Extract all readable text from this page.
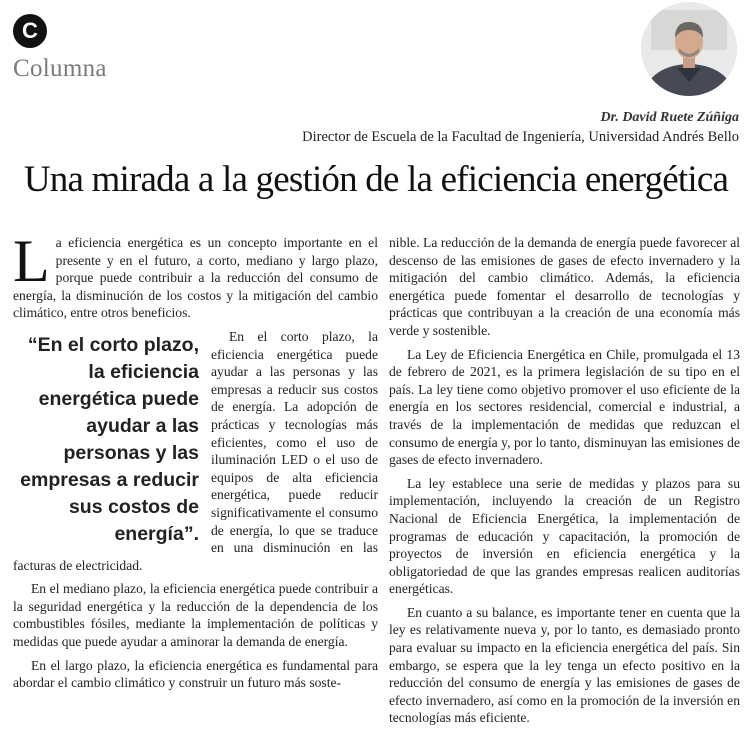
C
Columna
Dr. David Ruete Zúñiga
Director de Escuela de la Facultad de Ingeniería, Universidad Andrés Bello
Una mirada a la gestión de la eficiencia energética

La eficiencia energética es un concepto importante en el presente y en el futuro, a corto, mediano y largo plazo, porque puede contribuir a la reducción del consumo de energía, la disminución de los costos y la mitigación del cambio climático, entre otros beneficios.

“ En el corto plazo, la eficiencia energética puede ayudar a las personas y las empresas a reducir sus costos de energía ”.

En el corto plazo, la eficiencia energética puede ayudar a las personas y las empresas a reducir sus costos de energía. La adopción de prácticas y tecnologías más eficientes, como el uso de iluminación LED o el uso de equipos de alta eficiencia energética, puede reducir significativamente el consumo de energía, lo que se traduce en una disminución en las facturas de electricidad.

En el mediano plazo, la eficiencia energética puede contribuir a la seguridad energética y la reducción de la dependencia de los combustibles fósiles, mediante la implementación de políticas y medidas que puede ayudar a aminorar la demanda de energía.

En el largo plazo, la eficiencia energética es fundamental para abordar el cambio climático y construir un futuro más soste-

nible. La reducción de la demanda de energía puede favorecer al descenso de las emisiones de gases de efecto invernadero y la mitigación del cambio climático. Además, la eficiencia energética puede fomentar el desarrollo de tecnologías y prácticas que contribuyan a la creación de una economía más verde y sostenible.

La Ley de Eficiencia Energética en Chile, promulgada el 13 de febrero de 2021, es la primera legislación de su tipo en el país. La ley tiene como objetivo promover el uso eficiente de la energía en los sectores residencial, comercial e industrial, a través de la implementación de medidas que reduzcan el consumo de energía y, por lo tanto, disminuyan las emisiones de gases de efecto invernadero.

La ley establece una serie de medidas y plazos para su implementación, incluyendo la creación de un Registro Nacional de Eficiencia Energética, la implementación de programas de educación y capacitación, la promoción de proyectos de inversión en eficiencia energética y la obligatoriedad de que las grandes empresas realicen auditorías energéticas.

En cuanto a su balance, es importante tener en cuenta que la ley es relativamente nueva y, por lo tanto, es demasiado pronto para evaluar su impacto en la eficiencia energética del país. Sin embargo, se espera que la ley tenga un efecto positivo en la reducción del consumo de energía y las emisiones de gases de efecto invernadero, así como en la promoción de la inversión en tecnologías más eficiente.
